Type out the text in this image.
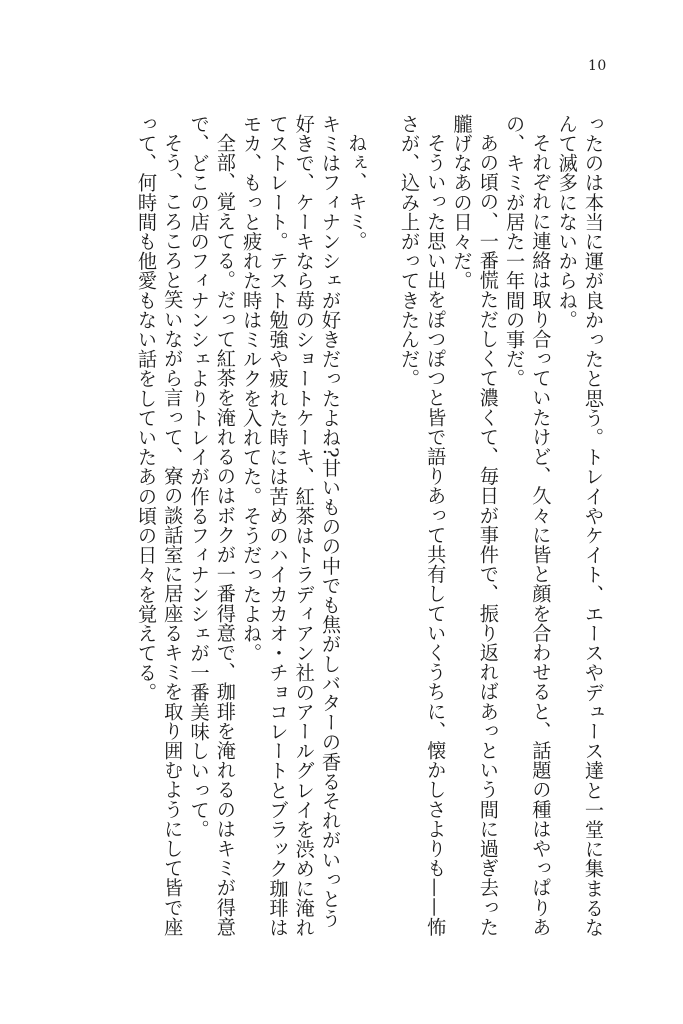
10

ったのは本当に運が良かったと思う。トレイやケイト、エースやデュース達と一堂に集まるなんて滅多にないからね。

それぞれに連絡は取り合っていたけど、久々に皆と顔を合わせると、話題の種はやっぱりあの、キミが居た一年間の事だ。

あの頃の、一番慌ただしくて濃くて、毎日が事件で、振り返ればあっという間に過ぎ去った朧げなあの日々だ。

そういった思い出をぽつぽつと皆で語りあって共有していくうちに、懐かしさよりも——怖さが、込み上がってきたんだ。

ねぇ、キミ。

キミはフィナンシェが好きだったよね?甘いものの中でも焦がしバターの香るそれがいっとう好きで、ケーキなら苺のショートケーキ、紅茶はトラディアン社のアールグレイを渋めに淹れてストレート。テスト勉強や疲れた時には苦めのハイカカオ・チョコレートとブラック珈琲はモカ、もっと疲れた時はミルクを入れてた。そうだったよね。

全部、覚えてる。だって紅茶を淹れるのはボクが一番得意で、珈琲を淹れるのはキミが得意で、どこの店のフィナンシェよりトレイが作るフィナンシェが一番美味しいって。

そう、ころころと笑いながら言って、寮の談話室に居座るキミを取り囲むようにして皆で座って、何時間も他愛もない話をしていたあの頃の日々を覚えてる。
